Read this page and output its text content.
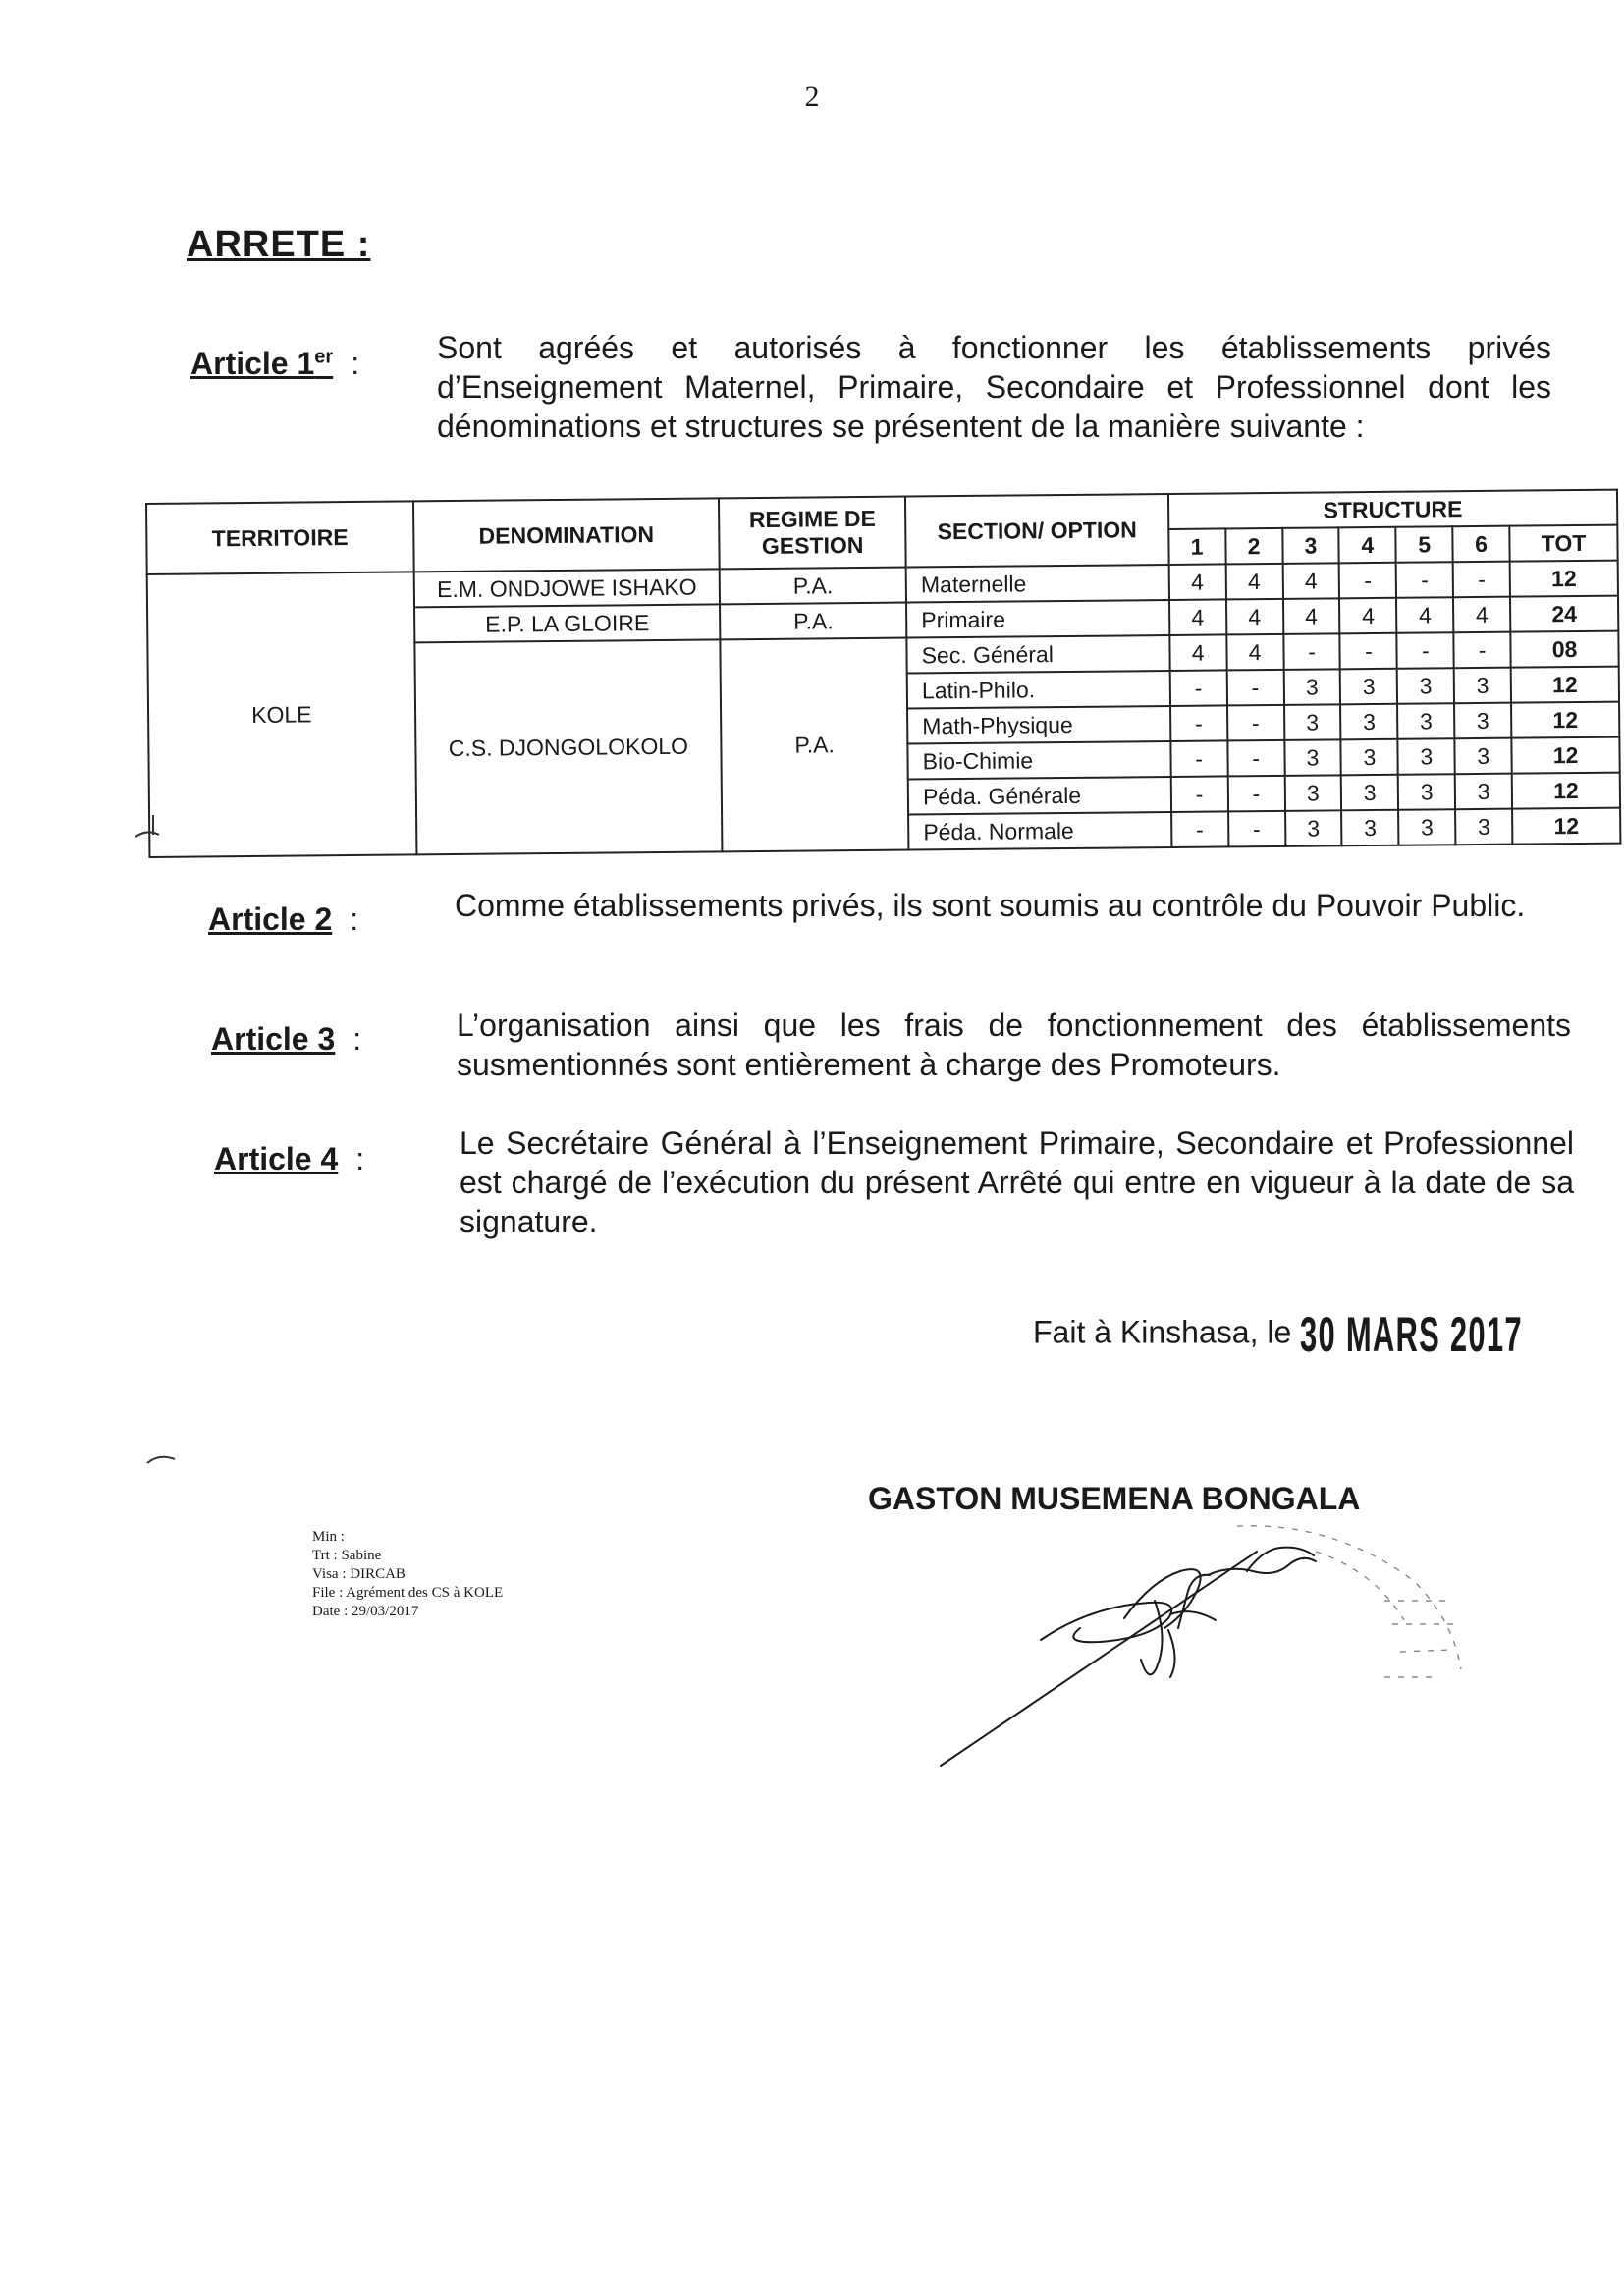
2
ARRETE :
Article 1er : Sont agréés et autorisés à fonctionner les établissements privés d’Enseignement Maternel, Primaire, Secondaire et Professionnel dont les dénominations et structures se présentent de la manière suivante :
TERRITOIRE	DENOMINATION	REGIME DE GESTION	SECTION/ OPTION	STRUCTURE						
				1	2	3	4	5	6	TOT
KOLE	E.M. ONDJOWE ISHAKO	P.A.	Maternelle	4	4	4	-	-	-	12
	E.P. LA GLOIRE	P.A.	Primaire	4	4	4	4	4	4	24
	C.S. DJONGOLOKOLO	P.A.	Sec. Général	4	4	-	-	-	-	08
			Latin-Philo.	-	-	3	3	3	3	12
			Math-Physique	-	-	3	3	3	3	12
			Bio-Chimie	-	-	3	3	3	3	12
			Péda. Générale	-	-	3	3	3	3	12
			Péda. Normale	-	-	3	3	3	3	12
Article 2 :	Comme établissements privés, ils sont soumis au contrôle du Pouvoir Public.
Article 3 :	L’organisation ainsi que les frais de fonctionnement des établissements susmentionnés sont entièrement à charge des Promoteurs.
Article 4 :	Le Secrétaire Général à l’Enseignement Primaire, Secondaire et Professionnel est chargé de l’exécution du présent Arrêté qui entre en vigueur à la date de sa signature.
Fait à Kinshasa, le 30 MARS 2017
GASTON MUSEMENA BONGALA
Min :
Trt : Sabine
Visa : DIRCAB
File : Agrément des CS à KOLE
Date : 29/03/2017
